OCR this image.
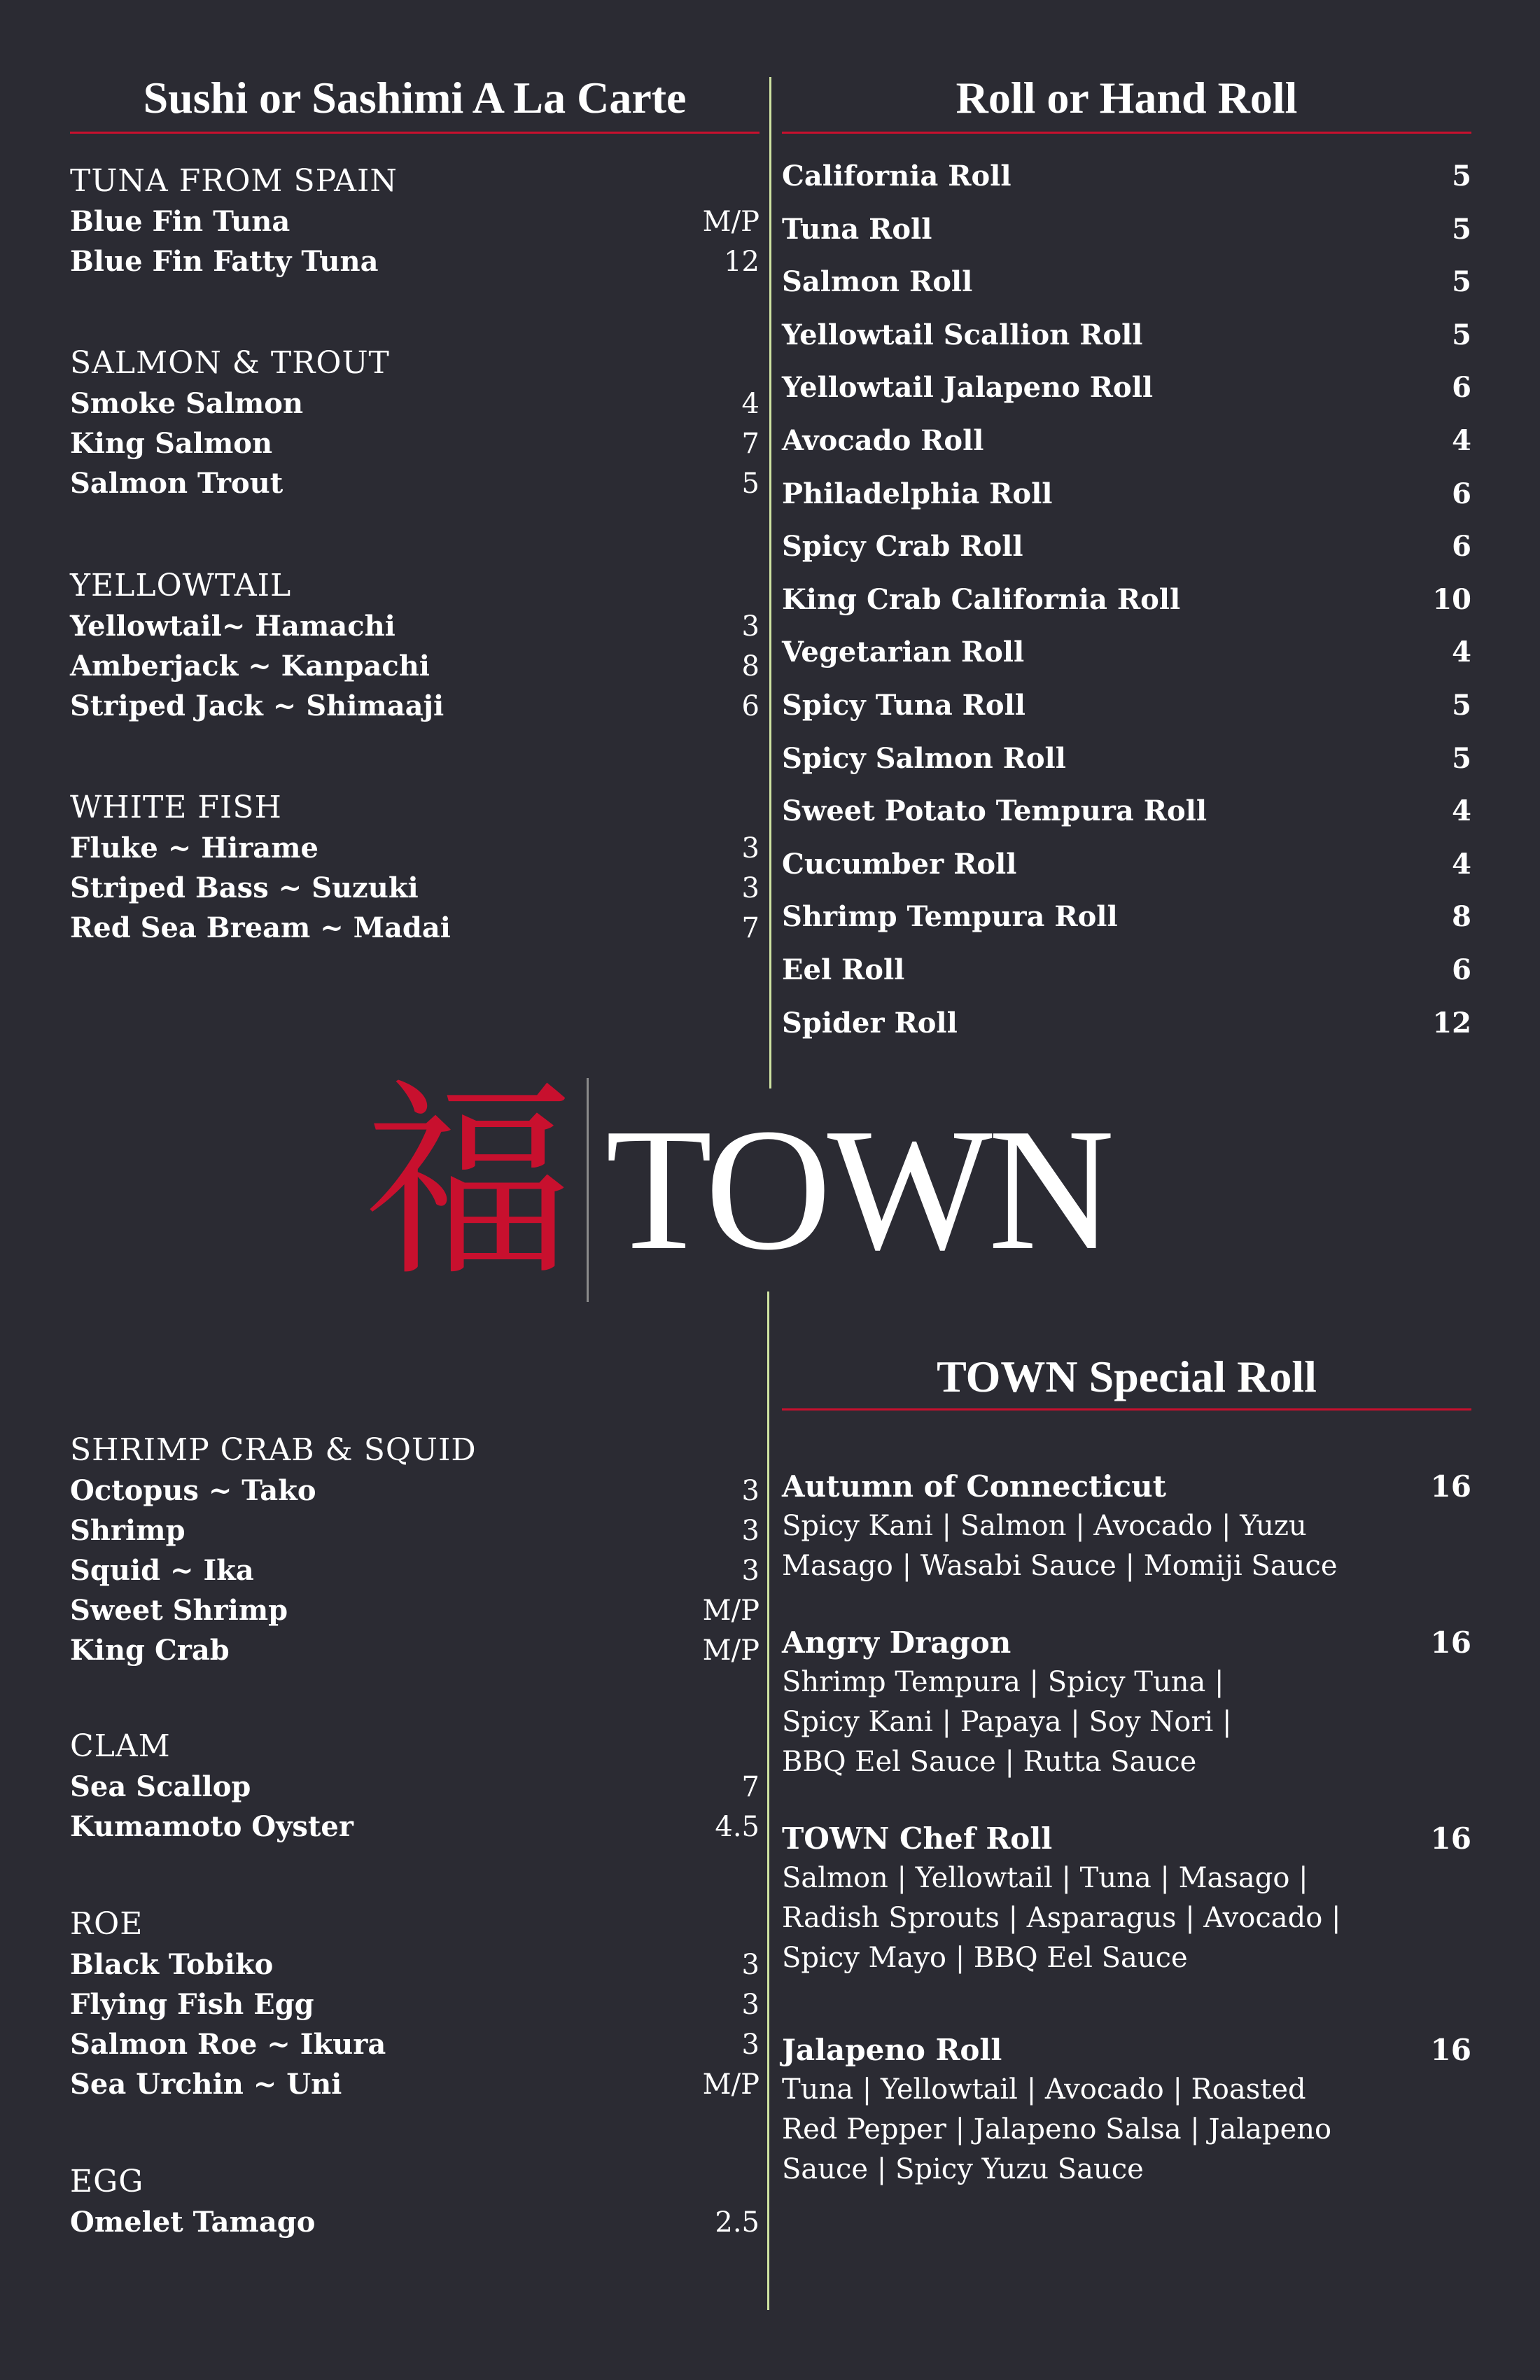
Sushi or Sashimi A La Carte	Roll or Hand Roll
TUNA FROM SPAIN
Blue Fin Tuna	M/P
Blue Fin Fatty Tuna	12
SALMON & TROUT
Smoke Salmon	4
King Salmon	7
Salmon Trout	5
YELLOWTAIL
Yellowtail~ Hamachi	3
Amberjack ~ Kanpachi	8
Striped Jack ~ Shimaaji	6
WHITE FISH
Fluke ~ Hirame	3
Striped Bass ~ Suzuki	3
Red Sea Bream ~ Madai	7
California Roll	5
Tuna Roll	5
Salmon Roll	5
Yellowtail Scallion Roll	5
Yellowtail Jalapeno Roll	6
Avocado Roll	4
Philadelphia Roll	6
Spicy Crab Roll	6
King Crab California Roll	10
Vegetarian Roll	4
Spicy Tuna Roll	5
Spicy Salmon Roll	5
Sweet Potato Tempura Roll	4
Cucumber Roll	4
Shrimp Tempura Roll	8
Eel Roll	6
Spider Roll	12
福 TOWN
TOWN Special Roll
SHRIMP CRAB & SQUID
Octopus ~ Tako	3
Shrimp	3
Squid ~ Ika	3
Sweet Shrimp	M/P
King Crab	M/P
CLAM
Sea Scallop	7
Kumamoto Oyster	4.5
ROE
Black Tobiko	3
Flying Fish Egg	3
Salmon Roe ~ Ikura	3
Sea Urchin ~ Uni	M/P
EGG
Omelet Tamago	2.5
Autumn of Connecticut	16
Spicy Kani | Salmon | Avocado | Yuzu Masago | Wasabi Sauce | Momiji Sauce
Angry Dragon	16
Shrimp Tempura | Spicy Tuna | Spicy Kani | Papaya | Soy Nori | BBQ Eel Sauce | Rutta Sauce
TOWN Chef Roll	16
Salmon | Yellowtail | Tuna | Masago | Radish Sprouts | Asparagus | Avocado | Spicy Mayo | BBQ Eel Sauce
Jalapeno Roll	16
Tuna | Yellowtail | Avocado | Roasted Red Pepper | Jalapeno Salsa | Jalapeno Sauce | Spicy Yuzu Sauce
